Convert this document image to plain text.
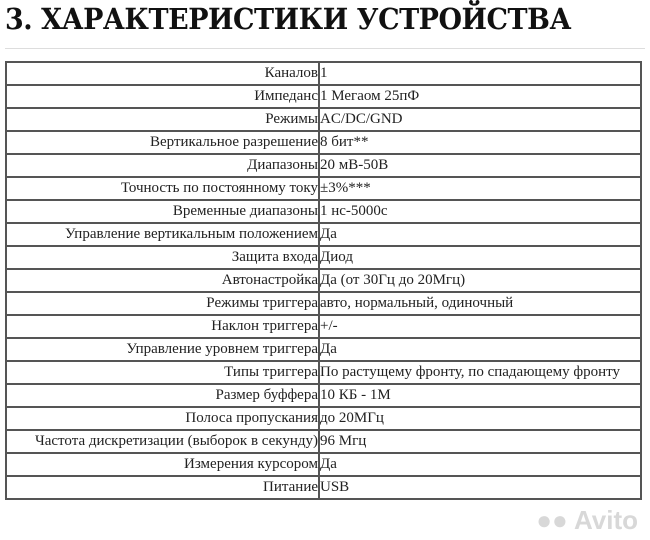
3. ХАРАКТЕРИСТИКИ УСТРОЙСТВА
Каналов	1
Импеданс	1 Мегаом 25пФ
Режимы	AC/DC/GND
Вертикальное разрешение	8 бит**
Диапазоны	20 мВ-50В
Точность по постоянному току	±3%***
Временные диапазоны	1 нс-5000с
Управление вертикальным положением	Да
Защита входа	Диод
Автонастройка	Да (от 30Гц до 20Мгц)
Режимы триггера	авто, нормальный, одиночный
Наклон триггера	+/-
Управление уровнем триггера	Да
Типы триггера	По растущему фронту, по спадающему фронту
Размер буффера	10 КБ - 1М
Полоса пропускания	до 20МГц
Частота дискретизации (выборок в секунду)	96 Мгц
Измерения курсором	Да
Питание	USB
●● Avito
